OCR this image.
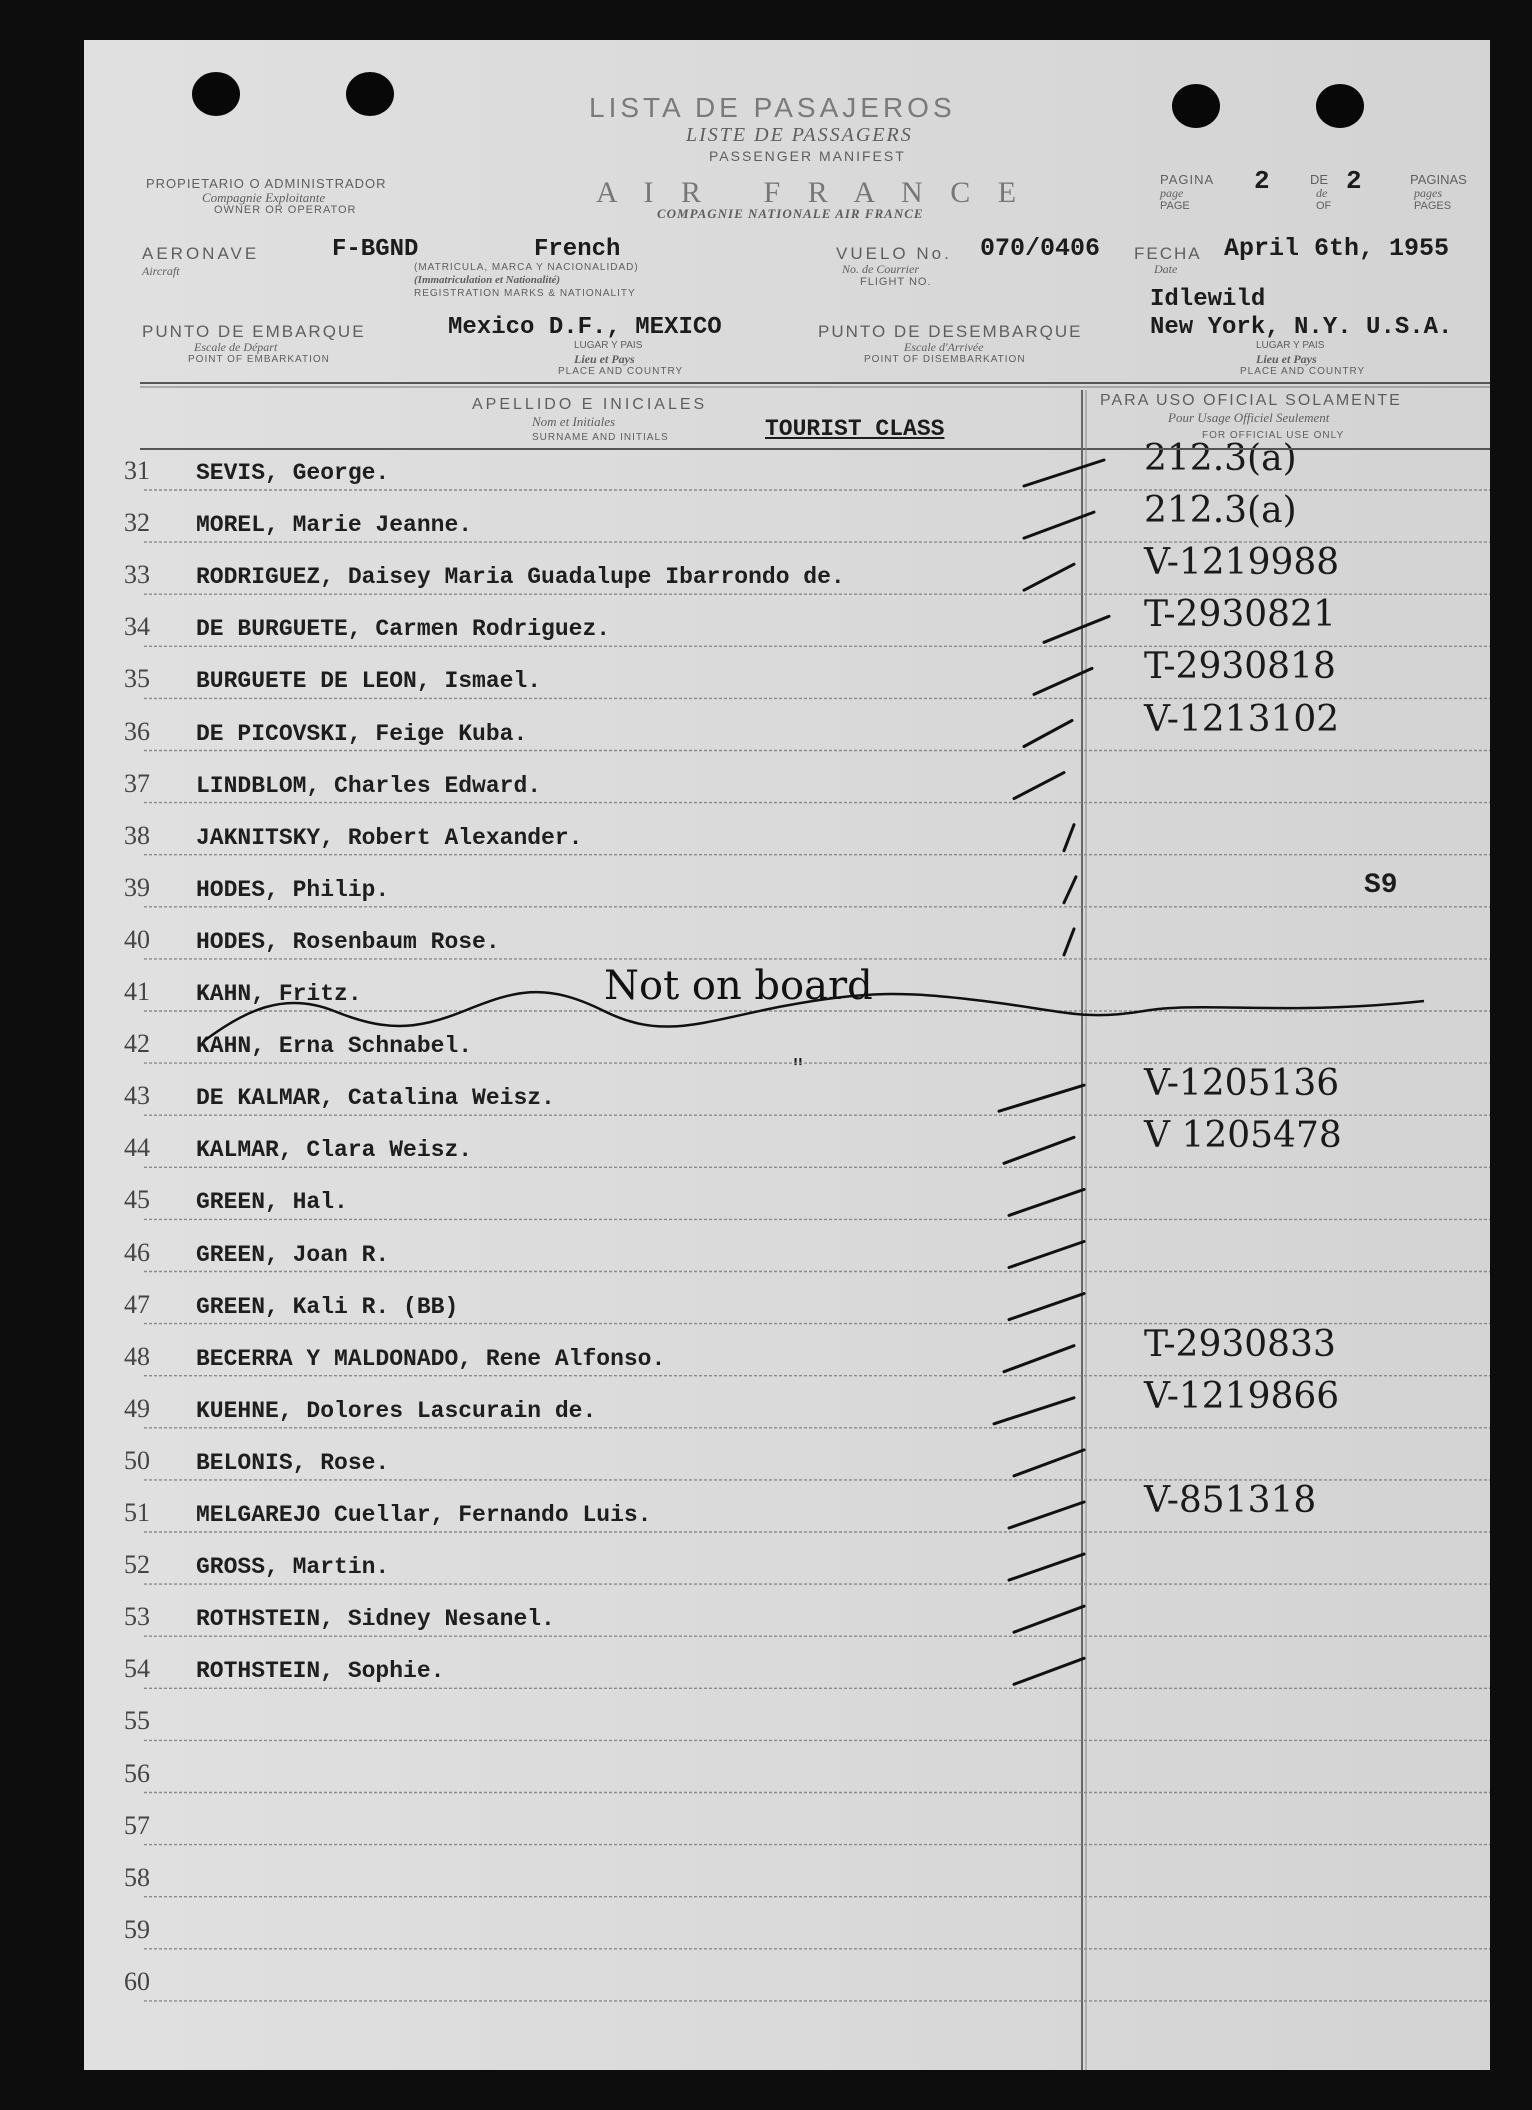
LISTA DE PASAJEROS
LISTE DE PASSAGERS
PASSENGER MANIFEST
PROPIETARIO O ADMINISTRADOR
Compagnie Exploitante
OWNER OR OPERATOR
A I R   F R A N C E
COMPAGNIE NATIONALE AIR FRANCE
PAGINA
page
PAGE
2	DE
de
OF
2	PAGINAS
pages
PAGES
AERONAVE
Aircraft
F-BGND	French
(MATRICULA, MARCA Y NACIONALIDAD)
(Immatriculation et Nationalité)
REGISTRATION MARKS & NATIONALITY
VUELO No.
No. de Courrier
FLIGHT NO.
070/0406 FECHA
Date
April 6th, 1955
PUNTO DE EMBARQUE
Escale de Départ
POINT OF EMBARKATION
Mexico D.F., MEXICO
LUGAR Y PAIS
Lieu et Pays
PLACE AND COUNTRY
PUNTO DE DESEMBARQUE
Escale d'Arrivée
POINT OF DISEMBARKATION
Idlewild
New York, N.Y. U.S.A.
LUGAR Y PAIS
Lieu et Pays
PLACE AND COUNTRY
APELLIDO E INICIALES
Nom et Initiales
SURNAME AND INITIALS	TOURIST CLASS
PARA USO OFICIAL SOLAMENTE
Pour Usage Officiel Seulement
FOR OFFICIAL USE ONLY
31 SEVIS, George.	212.3(a)
32 MOREL, Marie Jeanne.	212.3(a)
33 RODRIGUEZ, Daisey Maria Guadalupe Ibarrondo de.	V-1219988
34 DE BURGUETE, Carmen Rodriguez.	T-2930821
35 BURGUETE DE LEON, Ismael.	T-2930818
36 DE PICOVSKI, Feige Kuba.	V-1213102
37 LINDBLOM, Charles Edward.
38 JAKNITSKY, Robert Alexander.
39 HODES, Philip.
40 HODES, Rosenbaum Rose.
41 KAHN, Fritz.
42 KAHN, Erna Schnabel.
43 DE KALMAR, Catalina Weisz.	V-1205136
44 KALMAR, Clara Weisz.	V 1205478
45 GREEN, Hal.
46 GREEN, Joan R.
47 GREEN, Kali R. (BB)
48 BECERRA Y MALDONADO, Rene Alfonso.	T-2930833
49 KUEHNE, Dolores Lascurain de.	V-1219866
50 BELONIS, Rose.
51 MELGAREJO Cuellar, Fernando Luis.	V-851318
52 GROSS, Martin.
53 ROTHSTEIN, Sidney Nesanel.
54 ROTHSTEIN, Sophie.
55
56
57
58
59
60
"
S9
Not on board
